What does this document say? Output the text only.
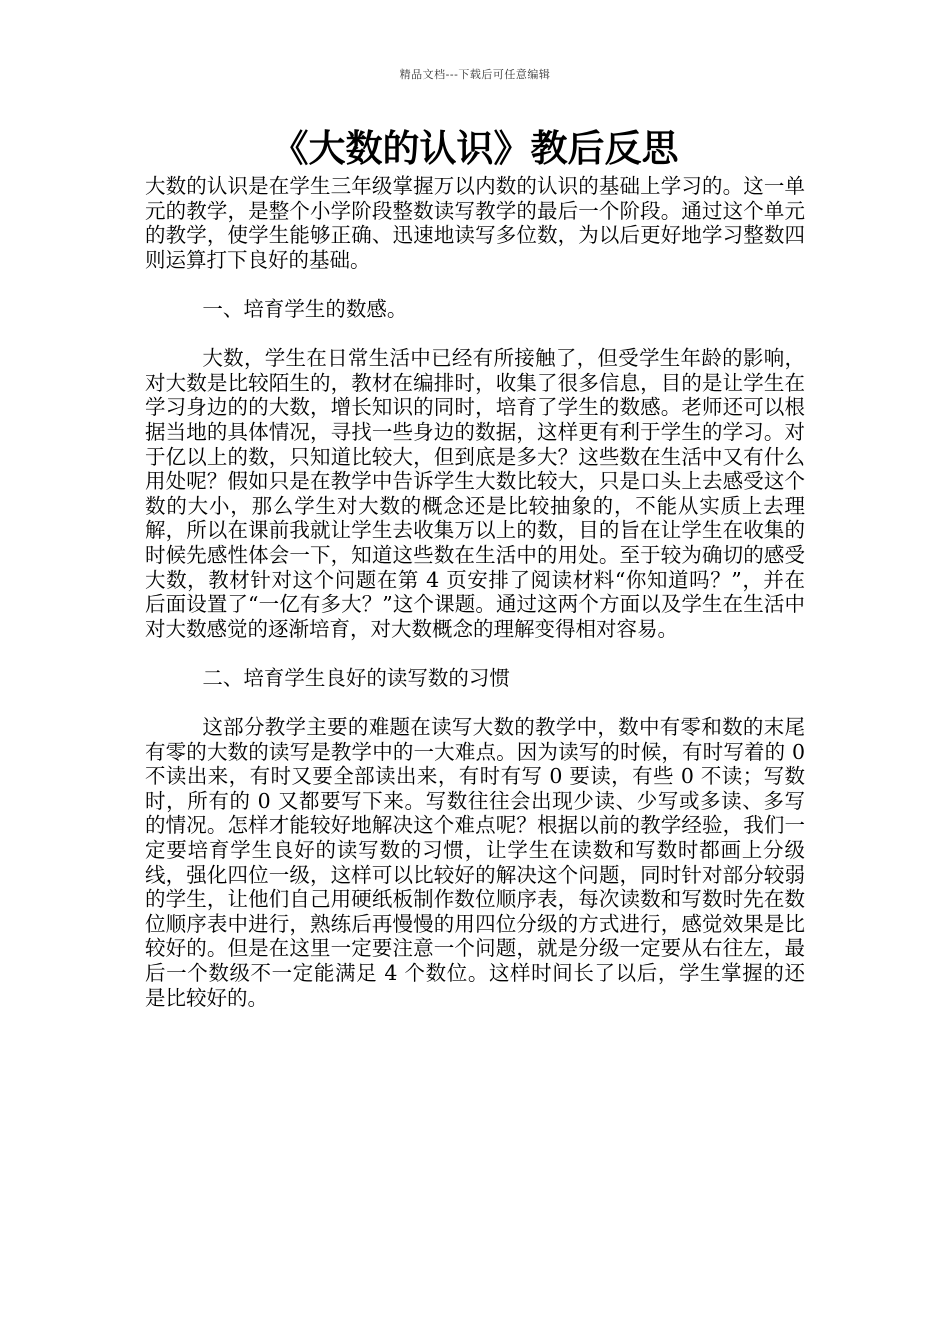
精品文档---下载后可任意编辑
《大数的认识》教后反思

大数的认识是在学生三年级掌握万以内数的认识的基础上学习的。这一单元的教学，是整个小学阶段整数读写教学的最后一个阶段。通过这个单元的教学，使学生能够正确、迅速地读写多位数，为以后更好地学习整数四则运算打下良好的基础。

一、培育学生的数感。

大数，学生在日常生活中已经有所接触了，但受学生年龄的影响，对大数是比较陌生的，教材在编排时，收集了很多信息，目的是让学生在学习身边的的大数，增长知识的同时，培育了学生的数感。老师还可以根据当地的具体情况，寻找一些身边的数据，这样更有利于学生的学习。对于亿以上的数，只知道比较大，但到底是多大？这些数在生活中又有什么用处呢？假如只是在教学中告诉学生大数比较大，只是口头上去感受这个数的大小，那么学生对大数的概念还是比较抽象的，不能从实质上去理解，所以在课前我就让学生去收集万以上的数，目的旨在让学生在收集的时候先感性体会一下，知道这些数在生活中的用处。至于较为确切的感受大数，教材针对这个问题在第 4 页安排了阅读材料“你知道吗？”，并在后面设置了“一亿有多大？”这个课题。通过这两个方面以及学生在生活中对大数感觉的逐渐培育，对大数概念的理解变得相对容易。

二、培育学生良好的读写数的习惯

这部分教学主要的难题在读写大数的教学中，数中有零和数的末尾有零的大数的读写是教学中的一大难点。因为读写的时候，有时写着的 0 不读出来，有时又要全部读出来，有时有写 0 要读，有些 0 不读；写数时，所有的 0 又都要写下来。写数往往会出现少读、少写或多读、多写的情况。怎样才能较好地解决这个难点呢？根据以前的教学经验，我们一定要培育学生良好的读写数的习惯，让学生在读数和写数时都画上分级线，强化四位一级，这样可以比较好的解决这个问题，同时针对部分较弱的学生，让他们自己用硬纸板制作数位顺序表，每次读数和写数时先在数位顺序表中进行，熟练后再慢慢的用四位分级的方式进行，感觉效果是比较好的。但是在这里一定要注意一个问题，就是分级一定要从右往左，最后一个数级不一定能满足 4 个数位。这样时间长了以后，学生掌握的还是比较好的。
